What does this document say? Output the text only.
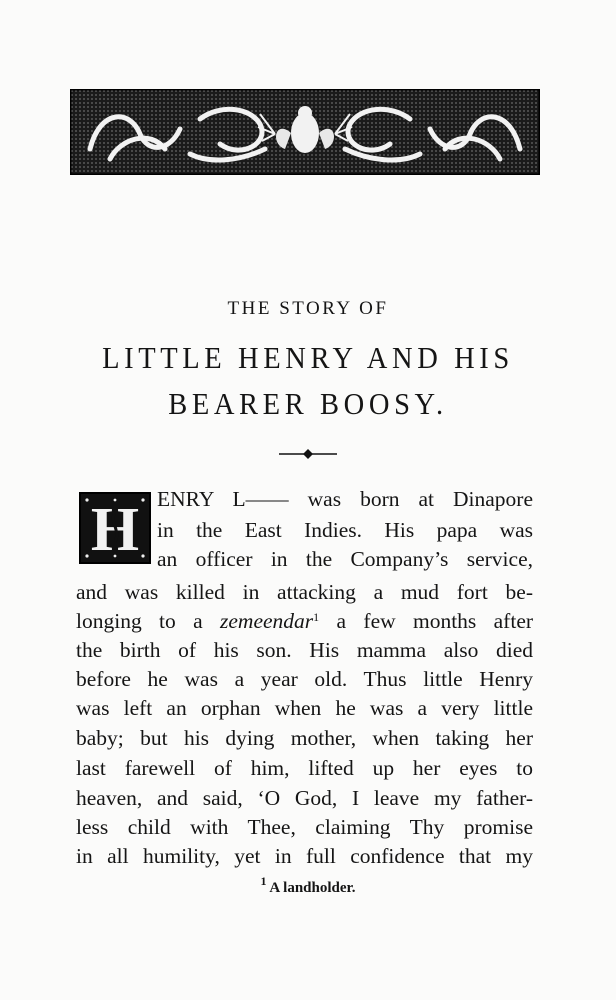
THE STORY OF
LITTLE HENRY AND HIS
BEARER BOOSY.
H ENRY L—— was born at Dinapore
in the East Indies. His papa was
an officer in the Company’s service,
and was killed in attacking a mud fort be-
longing to a zemeendar$^1$ a few months after
the birth of his son. His mamma also died
before he was a year old. Thus little Henry
was left an orphan when he was a very little
baby; but his dying mother, when taking her
last farewell of him, lifted up her eyes to
heaven, and said, ‘O God, I leave my father-
less child with Thee, claiming Thy promise
in all humility, yet in full confidence that my
$^1$ A landholder.
